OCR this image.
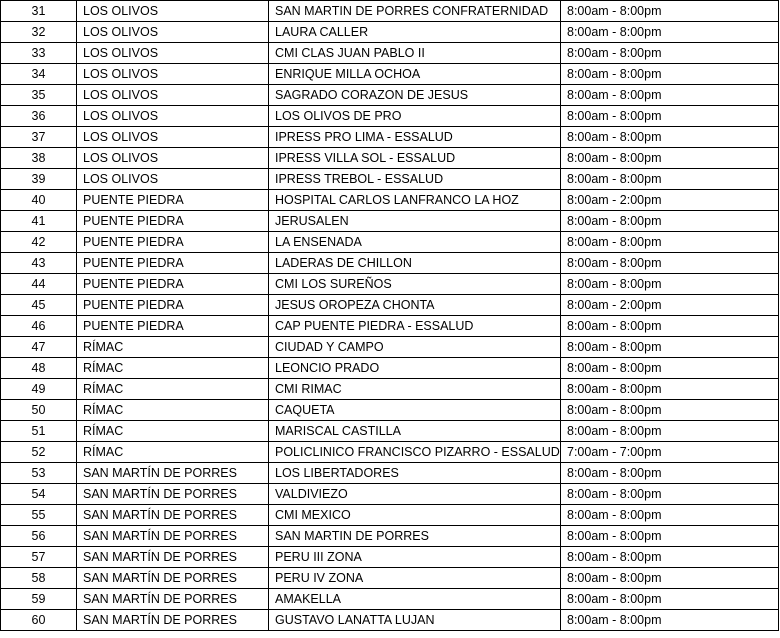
31	LOS OLIVOS	SAN MARTIN DE PORRES CONFRATERNIDAD	8:00am - 8:00pm
32	LOS OLIVOS	LAURA CALLER	8:00am - 8:00pm
33	LOS OLIVOS	CMI CLAS JUAN PABLO II	8:00am - 8:00pm
34	LOS OLIVOS	ENRIQUE MILLA OCHOA	8:00am - 8:00pm
35	LOS OLIVOS	SAGRADO CORAZON DE JESUS	8:00am - 8:00pm
36	LOS OLIVOS	LOS OLIVOS DE PRO	8:00am - 8:00pm
37	LOS OLIVOS	IPRESS PRO LIMA - ESSALUD	8:00am - 8:00pm
38	LOS OLIVOS	IPRESS VILLA SOL - ESSALUD	8:00am - 8:00pm
39	LOS OLIVOS	IPRESS TREBOL - ESSALUD	8:00am - 8:00pm
40	PUENTE PIEDRA	HOSPITAL CARLOS LANFRANCO LA HOZ	8:00am - 2:00pm
41	PUENTE PIEDRA	JERUSALEN	8:00am - 8:00pm
42	PUENTE PIEDRA	LA ENSENADA	8:00am - 8:00pm
43	PUENTE PIEDRA	LADERAS DE CHILLON	8:00am - 8:00pm
44	PUENTE PIEDRA	CMI LOS SUREÑOS	8:00am - 8:00pm
45	PUENTE PIEDRA	JESUS OROPEZA CHONTA	8:00am - 2:00pm
46	PUENTE PIEDRA	CAP PUENTE PIEDRA - ESSALUD	8:00am - 8:00pm
47	RÍMAC	CIUDAD Y CAMPO	8:00am - 8:00pm
48	RÍMAC	LEONCIO PRADO	8:00am - 8:00pm
49	RÍMAC	CMI RIMAC	8:00am - 8:00pm
50	RÍMAC	CAQUETA	8:00am - 8:00pm
51	RÍMAC	MARISCAL CASTILLA	8:00am - 8:00pm
52	RÍMAC	POLICLINICO FRANCISCO PIZARRO - ESSALUD	7:00am - 7:00pm
53	SAN MARTÍN DE PORRES	LOS LIBERTADORES	8:00am - 8:00pm
54	SAN MARTÍN DE PORRES	VALDIVIEZO	8:00am - 8:00pm
55	SAN MARTÍN DE PORRES	CMI MEXICO	8:00am - 8:00pm
56	SAN MARTÍN DE PORRES	SAN MARTIN DE PORRES	8:00am - 8:00pm
57	SAN MARTÍN DE PORRES	PERU III ZONA	8:00am - 8:00pm
58	SAN MARTÍN DE PORRES	PERU IV ZONA	8:00am - 8:00pm
59	SAN MARTÍN DE PORRES	AMAKELLA	8:00am - 8:00pm
60	SAN MARTÍN DE PORRES	GUSTAVO LANATTA LUJAN	8:00am - 8:00pm
